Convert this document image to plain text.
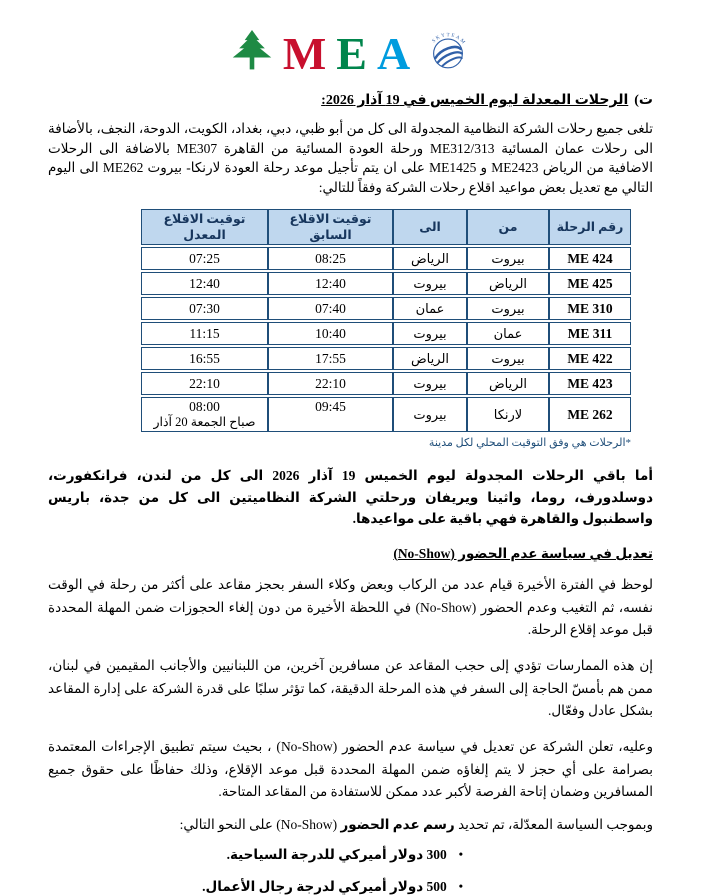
M E A	SKYTEAM
ت)الرحلات المعدلة ليوم الخميس في 19 آذار 2026:

تلغى جميع رحلات الشركة النظامية المجدولة الى كل من أبو ظبي، دبي، بغداد، الكويت، الدوحة، النجف، بالأضافة الى رحلات عمان المسائية ME312/313 ورحلة العودة المسائية من القاهرة ME307 بالاضافة الى الرحلات الاضافية من الرياض ME2423 و ME1425 على ان يتم تأجيل موعد رحلة العودة لارنكا- بيروت ME262 الى اليوم التالي مع تعديل بعض مواعيد اقلاع رحلات الشركة وفقاً للتالي:

رقم الرحلة	من	الى	توقيت الاقلاع السابق	توقيت الاقلاع المعدل
ME 424	بيروت	الرياض	08:25	07:25
ME 425	الرياض	بيروت	12:40	12:40
ME 310	بيروت	عمان	07:40	07:30
ME 311	عمان	بيروت	10:40	11:15
ME 422	بيروت	الرياض	17:55	16:55
ME 423	الرياض	بيروت	22:10	22:10
ME 262	لارنكا	بيروت	09:45	08:00
صباح الجمعة 20 آذار
*الرحلات هي وفق التوقيت المحلي لكل مدينة

أما باقي الرحلات المجدولة ليوم الخميس 19 آذار 2026 الى كل من لندن، فرانكفورت، دوسلدورف، روما، واثينا ويريفان ورحلتي الشركة النظاميتين الى كل من جدة، باريس واسطنبول والقاهرة فهي باقية على مواعيدها.

تعديل في سياسة عدم الحضور (No-Show)

لوحظ في الفترة الأخيرة قيام عدد من الركاب وبعض وكلاء السفر بحجز مقاعد على أكثر من رحلة في الوقت نفسه، ثم التغيب وعدم الحضور (No-Show) في اللحظة الأخيرة من دون إلغاء الحجوزات ضمن المهلة المحددة قبل موعد إقلاع الرحلة.

إن هذه الممارسات تؤدي إلى حجب المقاعد عن مسافرين آخرين، من اللبنانيين والأجانب المقيمين في لبنان، ممن هم بأمسّ الحاجة إلى السفر في هذه المرحلة الدقيقة، كما تؤثر سلبًا على قدرة الشركة على إدارة المقاعد بشكل عادل وفعّال.

وعليه، تعلن الشركة عن تعديل في سياسة عدم الحضور (No-Show) ، بحيث سيتم تطبيق الإجراءات المعتمدة بصرامة على أي حجز لا يتم إلغاؤه ضمن المهلة المحددة قبل موعد الإقلاع، وذلك حفاظًا على حقوق جميع المسافرين وضمان إتاحة الفرصة لأكبر عدد ممكن للاستفادة من المقاعد المتاحة.

وبموجب السياسة المعدّلة، تم تحديد رسم عدم الحضور (No-Show) على النحو التالي:

•300 دولار أميركي للدرجة السياحية.
•500 دولار أميركي لدرجة رجال الأعمال.
